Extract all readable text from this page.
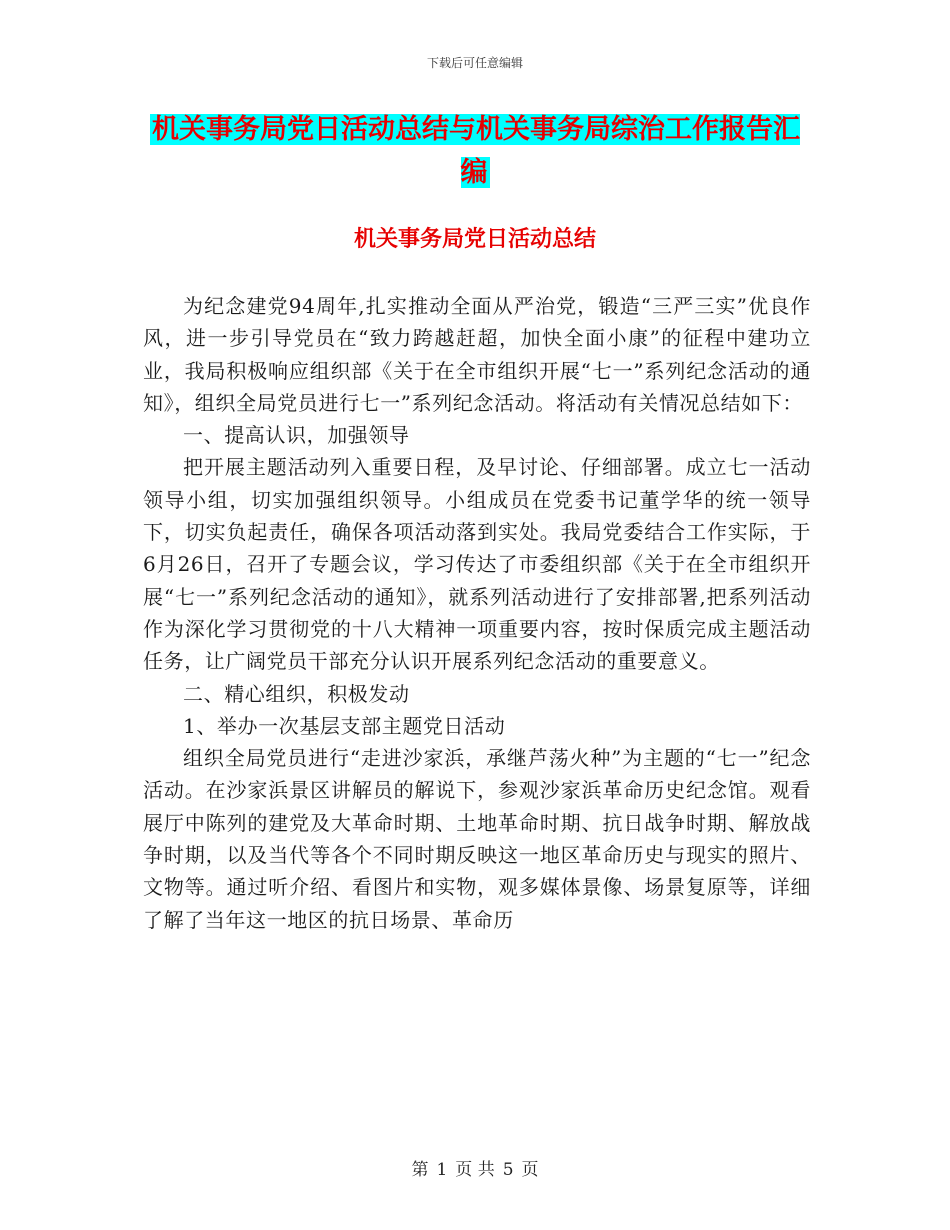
下载后可任意编辑
机关事务局党日活动总结与机关事务局综治工作报告汇编
机关事务局党日活动总结

为纪念建党94周年,扎实推动全面从严治党，锻造“三严三实”优良作风，进一步引导党员在“致力跨越赶超，加快全面小康”的征程中建功立业，我局积极响应组织部《关于在全市组织开展“七一”系列纪念活动的通知》，组织全局党员进行七一”系列纪念活动。将活动有关情况总结如下：

一、提高认识，加强领导

把开展主题活动列入重要日程，及早讨论、仔细部署。成立七一活动领导小组，切实加强组织领导。小组成员在党委书记董学华的统一领导下，切实负起责任，确保各项活动落到实处。我局党委结合工作实际，于6月26日，召开了专题会议，学习传达了市委组织部《关于在全市组织开展“七一”系列纪念活动的通知》，就系列活动进行了安排部署,把系列活动作为深化学习贯彻党的十八大精神一项重要内容，按时保质完成主题活动任务，让广阔党员干部充分认识开展系列纪念活动的重要意义。

二、精心组织，积极发动

1、举办一次基层支部主题党日活动

组织全局党员进行“走进沙家浜，承继芦荡火种”为主题的“七一”纪念活动。在沙家浜景区讲解员的解说下，参观沙家浜革命历史纪念馆。观看展厅中陈列的建党及大革命时期、土地革命时期、抗日战争时期、解放战争时期，以及当代等各个不同时期反映这一地区革命历史与现实的照片、文物等。通过听介绍、看图片和实物，观多媒体景像、场景复原等，详细了解了当年这一地区的抗日场景、革命历

第 1 页 共 5 页
